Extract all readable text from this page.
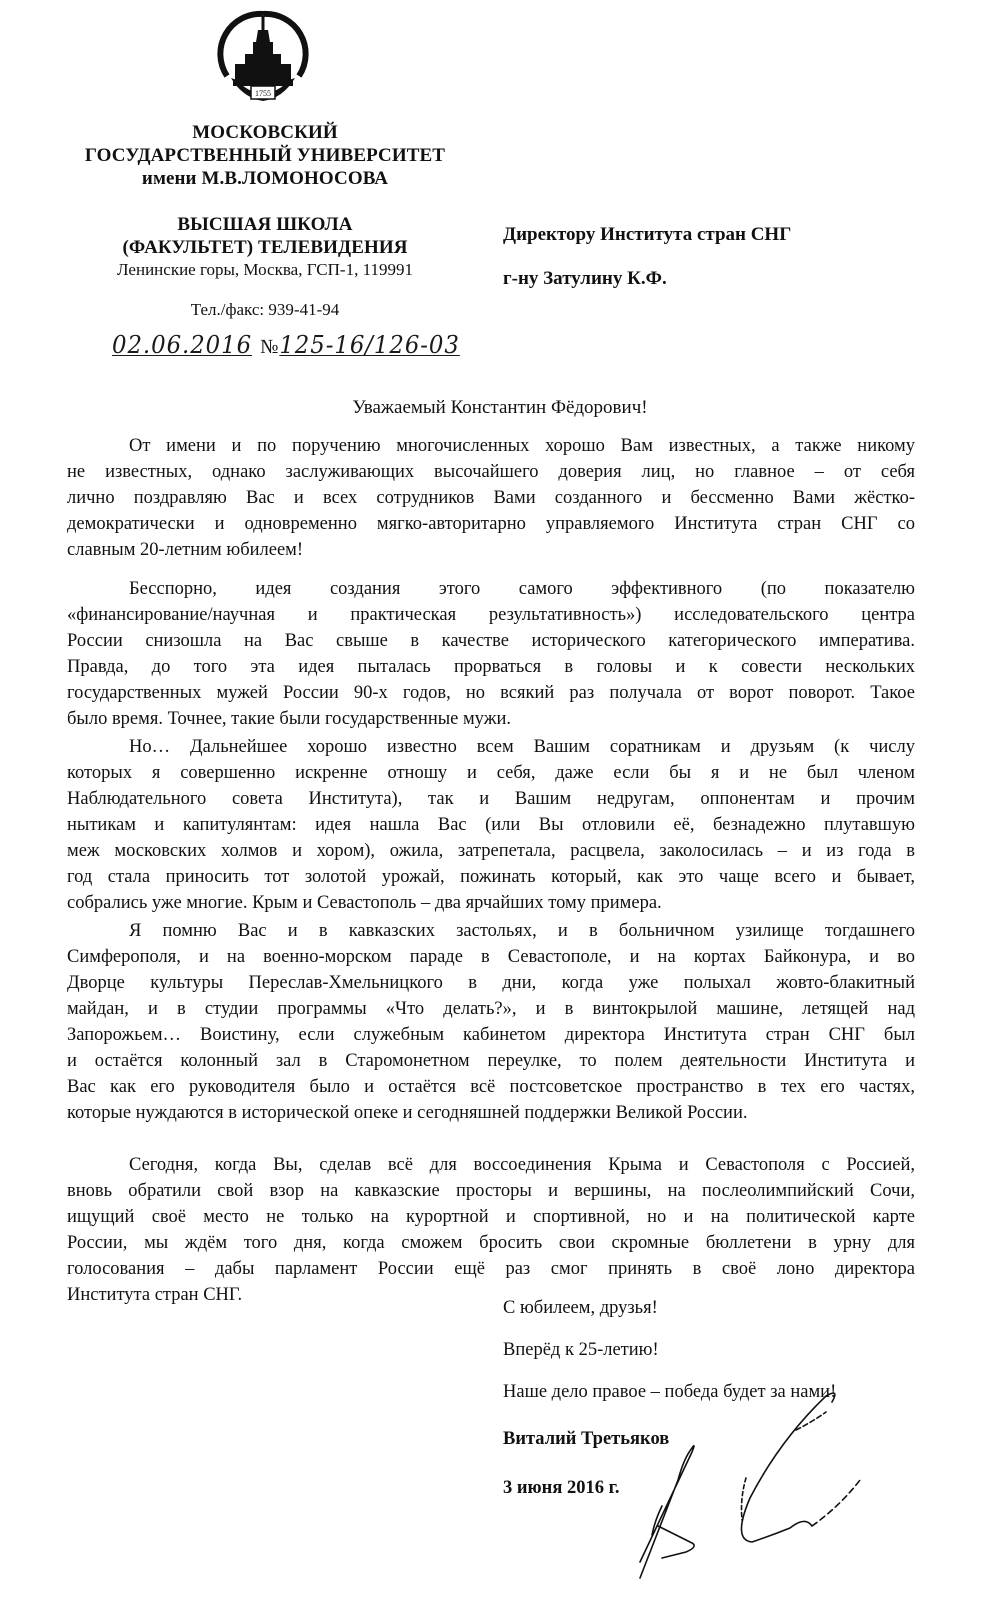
1755
МОСКОВСКИЙ
ГОСУДАРСТВЕННЫЙ УНИВЕРСИТЕТ
имени М.В.ЛОМОНОСОВА
ВЫСШАЯ ШКОЛА
(ФАКУЛЬТЕТ) ТЕЛЕВИДЕНИЯ
Ленинские горы, Москва, ГСП-1, 119991
Тел./факс: 939-41-94
02.06.2016 №125-16/126-03
Директору Института стран СНГ
г-ну Затулину К.Ф.
Уважаемый Константин Фёдорович!
От имени и по поручению многочисленных хорошо Вам известных, а также никому
не известных, однако заслуживающих высочайшего доверия лиц, но главное – от себя
лично поздравляю Вас и всех сотрудников Вами созданного и бессменно Вами жёстко-
демократически и одновременно мягко-авторитарно управляемого Института стран СНГ со
славным 20-летним юбилеем!
Бесспорно, идея создания этого самого эффективного (по показателю
«финансирование/научная и практическая результативность») исследовательского центра
России снизошла на Вас свыше в качестве исторического категорического императива.
Правда, до того эта идея пыталась прорваться в головы и к совести нескольких
государственных мужей России 90-х годов, но всякий раз получала от ворот поворот. Такое
было время. Точнее, такие были государственные мужи.
Но… Дальнейшее хорошо известно всем Вашим соратникам и друзьям (к числу
которых я совершенно искренне отношу и себя, даже если бы я и не был членом
Наблюдательного совета Института), так и Вашим недругам, оппонентам и прочим
нытикам и капитулянтам: идея нашла Вас (или Вы отловили её, безнадежно плутавшую
меж московских холмов и хором), ожила, затрепетала, расцвела, заколосилась – и из года в
год стала приносить тот золотой урожай, пожинать который, как это чаще всего и бывает,
собрались уже многие. Крым и Севастополь – два ярчайших тому примера.
Я помню Вас и в кавказских застольях, и в больничном узилище тогдашнего
Симферополя, и на военно-морском параде в Севастополе, и на кортах Байконура, и во
Дворце культуры Переслав-Хмельницкого в дни, когда уже полыхал жовто-блакитный
майдан, и в студии программы «Что делать?», и в винтокрылой машине, летящей над
Запорожьем… Воистину, если служебным кабинетом директора Института стран СНГ был
и остаётся колонный зал в Старомонетном переулке, то полем деятельности Института и
Вас как его руководителя было и остаётся всё постсоветское пространство в тех его частях,
которые нуждаются в исторической опеке и сегодняшней поддержки Великой России.
Сегодня, когда Вы, сделав всё для воссоединения Крыма и Севастополя с Россией,
вновь обратили свой взор на кавказские просторы и вершины, на послеолимпийский Сочи,
ищущий своё место не только на курортной и спортивной, но и на политической карте
России, мы ждём того дня, когда сможем бросить свои скромные бюллетени в урну для
голосования – дабы парламент России ещё раз смог принять в своё лоно директора
Института стран СНГ.
С юбилеем, друзья!
Вперёд к 25-летию!
Наше дело правое – победа будет за нами!
Виталий Третьяков
3 июня 2016 г.
